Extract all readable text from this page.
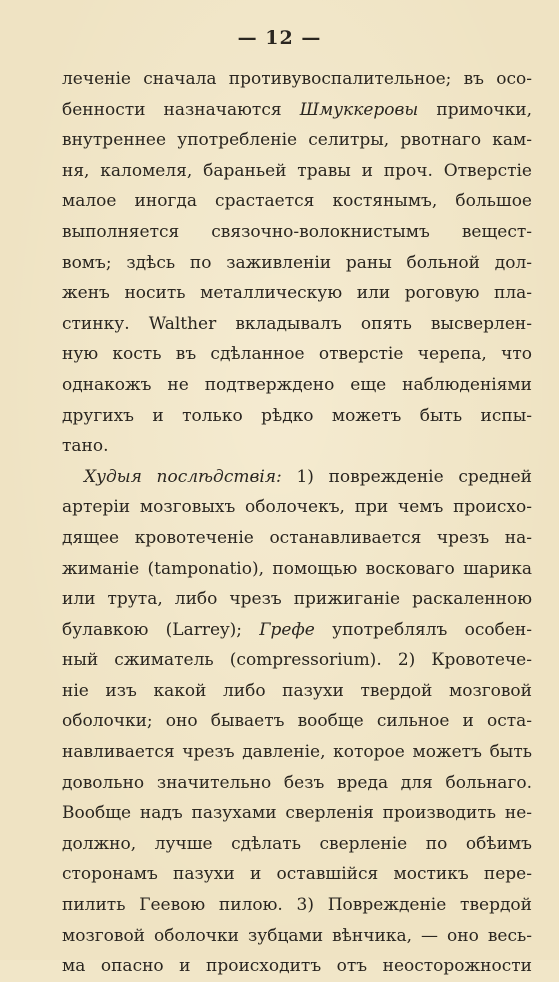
— 12 —
леченіе сначала противувоспалительное; въ осо-
бенности назначаются Шмуккеровы примочки,
внутреннее употребленіе селитры, рвотнаго кам-
ня, каломеля, бараньей травы и проч. Отверстіе
малое иногда срастается костянымъ, большое
выполняется связочно-волокнистымъ вещест-
вомъ; здѣсь по заживленіи раны больной дол-
женъ носить металлическую или роговую пла-
стинку. Walther вкладывалъ опять высверлен-
ную кость въ сдѣланное отверстіе черепа, что
однакожъ не подтверждено еще наблюденіями
другихъ и только рѣдко можетъ быть испы-
тано.
Худыя послѣдствія: 1) поврежденіе средней
артеріи мозговыхъ оболочекъ, при чемъ происхо-
дящее кровотеченіе останавливается чрезъ на-
жиманіе (tamponatio), помощью восковаго шарика
или трута, либо чрезъ прижиганіе раскаленною
булавкою (Larrey); Грефе употреблялъ особен-
ный сжиматель (compressorium). 2) Кровотече-
ніе изъ какой либо пазухи твердой мозговой
оболочки; оно бываетъ вообще сильное и оста-
навливается чрезъ давленіе, которое можетъ быть
довольно значительно безъ вреда для больнаго.
Вообще надъ пазухами сверленія производить не-
должно, лучше сдѣлать сверленіе по обѣимъ
сторонамъ пазухи и оставшійся мостикъ пере-
пилить Геевою пилою. 3) Поврежденіе твердой
мозговой оболочки зубцами вѣнчика, — оно весь-
ма опасно и происходитъ отъ неосторожности
